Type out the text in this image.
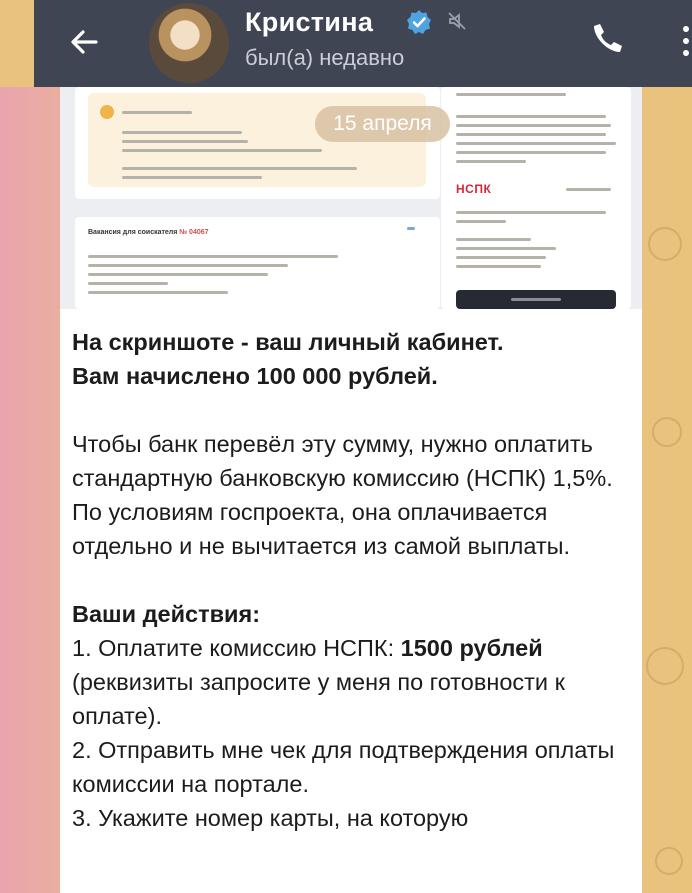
Кристина
был(а) недавно
Вакансия для соискателя № 04067
НСПК
15 апреля

На скриншоте - ваш личный кабинет.

Вам начислено 100 000 рублей.

Чтобы банк перевёл эту сумму, нужно оплатить стандартную банковскую комиссию (НСПК) 1,5%. По условиям госпроекта, она оплачивается отдельно и не вычитается из самой выплаты.

Ваши действия:

1. Оплатите комиссию НСПК: 1500 рублей (реквизиты запросите у меня по готовности к оплате).

2. Отправить мне чек для подтверждения оплаты комиссии на портале.

3. Укажите номер карты, на которую
